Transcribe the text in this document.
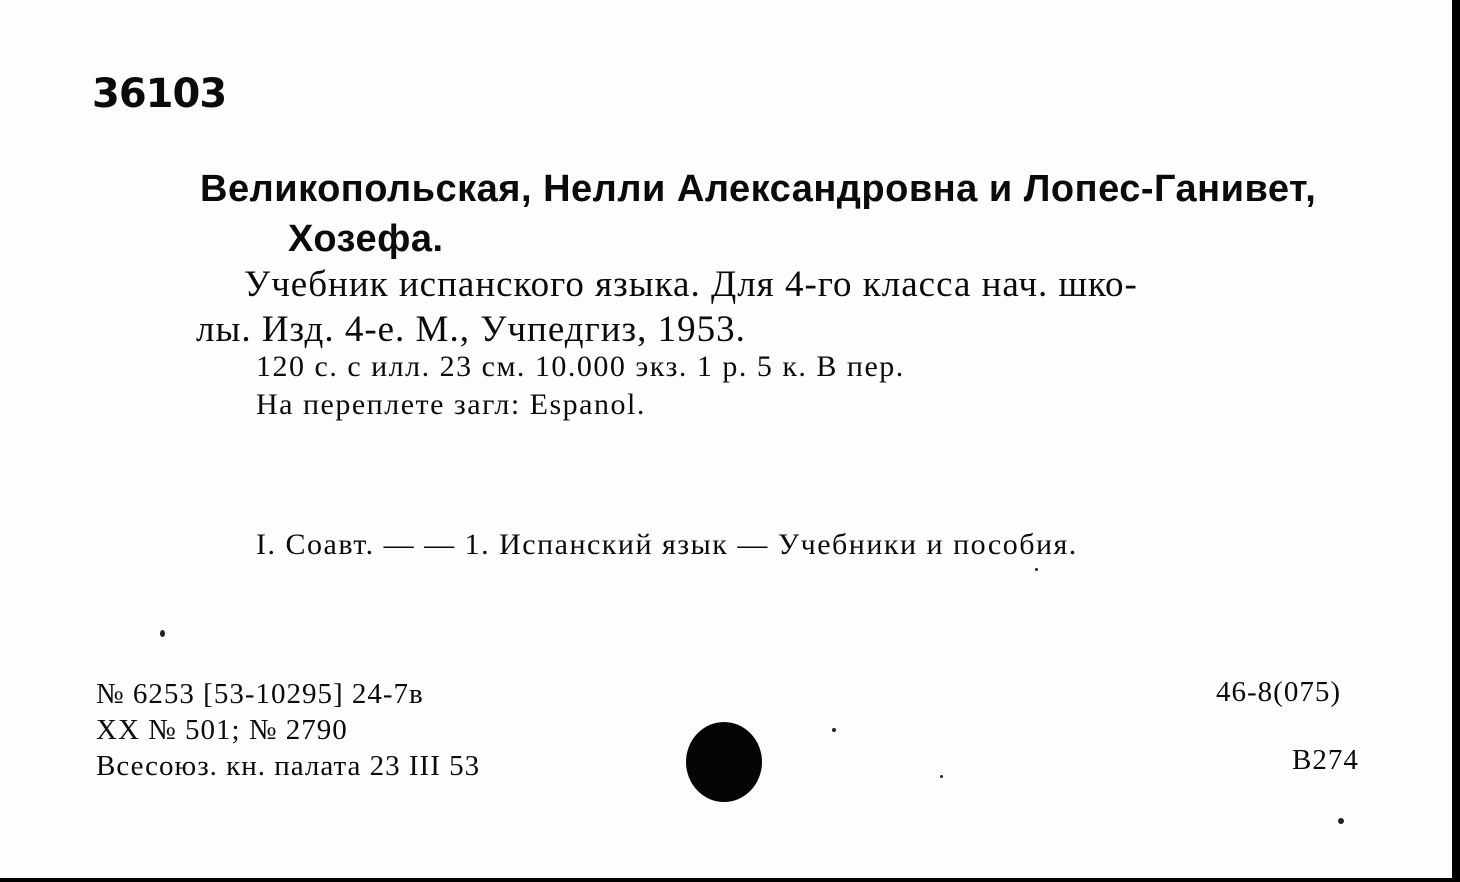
36103
Великопольская, Нелли Александровна и Лопес-Ганивет,
Хозефа.
Учебник испанского языка. Для 4-го класса нач. шко-
лы. Изд. 4-е. М., Учпедгиз, 1953.
120 с. с илл. 23 см. 10.000 экз. 1 р. 5 к. В пер.
На переплете загл: Espanol.
I. Соавт. — — 1. Испанский язык — Учебники и пособия.
№ 6253 [53-10295] 24-7в
XX № 501; № 2790
Всесоюз. кн. палата 23 III 53
46-8(075)
B274
